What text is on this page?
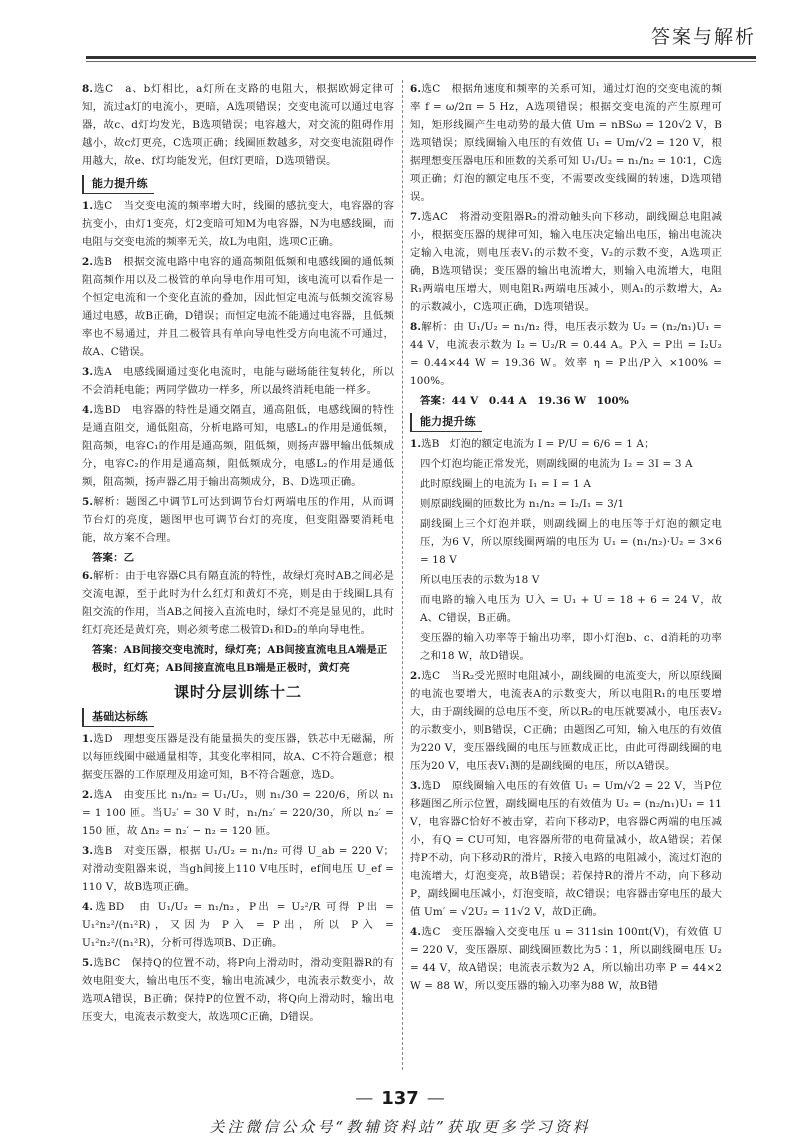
答案与解析
8.选C　a、b灯相比，a灯所在支路的电阻大，根据欧姆定律可知，流过a灯的电流小，更暗，A选项错误；交变电流可以通过电容器，故c、d灯均发光，B选项错误；电容越大，对交流的阻碍作用越小，故c灯更亮，C选项正确；线圈匝数越多，对交变电流阻碍作用越大，故e、f灯均能发光，但f灯更暗，D选项错误。
能力提升练
1.选C　当交变电流的频率增大时，线圈的感抗变大，电容器的容抗变小，由灯1变亮，灯2变暗可知M为电容器，N为电感线圈，而电阻与交变电流的频率无关，故L为电阻，选项C正确。
2.选B　根据交流电路中电容的通高频阻低频和电感线圈的通低频阻高频作用以及二极管的单向导电作用可知，该电流可以看作是一个恒定电流和一个变化直流的叠加，因此恒定电流与低频交流容易通过电感，故B正确，D错误；而恒定电流不能通过电容器，且低频率也不易通过，并且二极管具有单向导电性受方向电流不可通过，故A、C错误。
3.选A　电感线圈通过变化电流时，电能与磁场能往复转化，所以不会消耗电能；两同学做功一样多，所以最终消耗电能一样多。
4.选BD　电容器的特性是通交隔直，通高阻低，电感线圈的特性是通直阻交，通低阻高，分析电路可知，电感L₁的作用是通低频，阻高频，电容C₁的作用是通高频，阻低频，则扬声器甲输出低频成分，电容C₂的作用是通高频，阻低频成分，电感L₂的作用是通低频，阻高频，扬声器乙用于输出高频成分，B、D选项正确。
5.解析：题图乙中调节L可达到调节台灯两端电压的作用，从而调节台灯的亮度，题图甲也可调节台灯的亮度，但变阻器要消耗电能，故方案不合理。
答案：乙
6.解析：由于电容器C具有隔直流的特性，故绿灯亮时AB之间必是交流电源，至于此时为什么红灯和黄灯不亮，则是由于线圈L具有阻交流的作用，当AB之间接入直流电时，绿灯不亮是显见的，此时红灯亮还是黄灯亮，则必须考虑二极管D₁和D₂的单向导电性。
答案：AB间接交变电流时，绿灯亮；AB间接直流电且A端是正极时，红灯亮；AB间接直流电且B端是正极时，黄灯亮
课时分层训练十二
基础达标练
1.选D　理想变压器是没有能量损失的变压器，铁芯中无磁漏，所以每匝线圈中磁通量相等，其变化率相同，故A、C不符合题意；根据变压器的工作原理及用途可知，B不符合题意，选D。
2.选A　由变压比 n₁/n₂ = U₁/U₂，则 n₁/30 = 220/6，所以 n₁ = 1 100 匝。当U₂′ = 30 V 时，n₁/n₂′ = 220/30，所以 n₂′ = 150 匝，故 Δn₂ = n₂′ − n₂ = 120 匝。
3.选B　对变压器，根据 U₁/U₂ = n₁/n₂ 可得 U_ab = 220 V；对滑动变阻器来说，当gh间接上110 V电压时，ef间电压 U_ef = 110 V，故B选项正确。
4.选BD　由 U₁/U₂ = n₁/n₂，P出 = U₂²/R 可得 P出 = U₁²n₂²/(n₁²R)，又因为 P入 = P出，所以 P入 = U₁²n₂²/(n₁²R)，分析可得选项B、D正确。
5.选BC　保持Q的位置不动，将P向上滑动时，滑动变阻器R的有效电阻变大，输出电压不变，输出电流减少，电流表示数变小，故选项A错误，B正确；保持P的位置不动，将Q向上滑动时，输出电压变大，电流表示数变大，故选项C正确，D错误。
6.选C　根据角速度和频率的关系可知，通过灯泡的交变电流的频率 f = ω/2π = 5 Hz，A选项错误；根据交变电流的产生原理可知，矩形线圈产生电动势的最大值 Um = nBSω = 120√2 V，B选项错误；原线圈输入电压的有效值 U₁ = Um/√2 = 120 V，根据理想变压器电压和匝数的关系可知 U₁/U₂ = n₁/n₂ = 10∶1，C选项正确；灯泡的额定电压不变，不需要改变线圈的转速，D选项错误。
7.选AC　将滑动变阻器R₂的滑动触头向下移动，副线圈总电阻减小，根据变压器的规律可知，输入电压决定输出电压，输出电流决定输入电流，则电压表V₁的示数不变，V₂的示数不变，A选项正确，B选项错误；变压器的输出电流增大，则输入电流增大，电阻R₁两端电压增大，则电阻R₁两端电压减小，则A₁的示数增大，A₂的示数减小，C选项正确，D选项错误。
8.解析：由 U₁/U₂ = n₁/n₂ 得，电压表示数为 U₂ = (n₂/n₁)U₁ = 44 V，电流表示数为 I₂ = U₂/R = 0.44 A。P入 = P出 = I₂U₂ = 0.44×44 W = 19.36 W。效率 η = P出/P入 ×100% = 100%。
答案：44 V　0.44 A　19.36 W　100%
能力提升练
1.选B　灯泡的额定电流为 I = P/U = 6/6 = 1 A；
四个灯泡均能正常发光，则副线圈的电流为 I₂ = 3I = 3 A
此时原线圈上的电流为 I₁ = I = 1 A
则原副线圈的匝数比为 n₁/n₂ = I₂/I₁ = 3/1
副线圈上三个灯泡并联，则副线圈上的电压等于灯泡的额定电压，为6 V，所以原线圈两端的电压为 U₁ = (n₁/n₂)·U₂ = 3×6 = 18 V
所以电压表的示数为18 V
而电路的输入电压为 U入 = U₁ + U = 18 + 6 = 24 V，故A、C错误，B正确。
变压器的输入功率等于输出功率，即小灯泡b、c、d消耗的功率之和18 W，故D错误。
2.选C　当R₂受光照时电阻减小，副线圈的电流变大，所以原线圈的电流也要增大，电流表A的示数变大，所以电阻R₁的电压要增大，由于副线圈的总电压不变，所以R₂的电压就要减小，电压表V₂的示数变小，则B错误，C正确；由题图乙可知，输入电压的有效值为220 V，变压器线圈的电压与匝数成正比，由此可得副线圈的电压为20 V，电压表V₁测的是副线圈的电压，所以A错误。
3.选D　原线圈输入电压的有效值 U₁ = Um/√2 = 22 V，当P位移题图乙所示位置，副线圈电压的有效值为 U₂ = (n₂/n₁)U₁ = 11 V，电容器C恰好不被击穿，若向下移动P，电容器C两端的电压减小，有Q = CU可知，电容器所带的电荷量减小，故A错误；若保持P不动，向下移动R的滑片，R接入电路的电阻减小，流过灯泡的电流增大，灯泡变亮，故B错误；若保持R的滑片不动，向下移动P，副线圈电压减小，灯泡变暗，故C错误；电容器击穿电压的最大值 Um′ = √2U₂ = 11√2 V，故D正确。
4.选C　变压器输入交变电压 u = 311sin 100πt(V)，有效值 U = 220 V，变压器原、副线圈匝数比为5∶1，所以副线圈电压 U₂ = 44 V，故A错误；电流表示数为2 A，所以输出功率 P = 44×2 W = 88 W，所以变压器的输入功率为88 W，故B错
— 137 —
关注微信公众号“教辅资料站”获取更多学习资料
